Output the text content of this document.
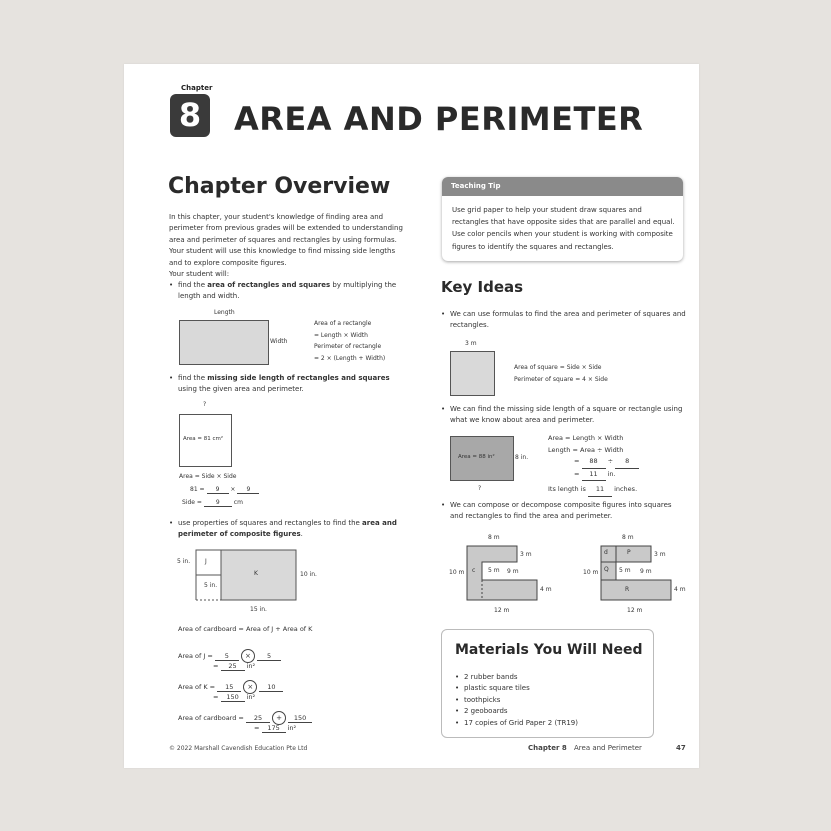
Chapter
8 AREA AND PERIMETER
Chapter Overview
In this chapter, your student's knowledge of finding area and perimeter from previous grades will be extended to understanding area and perimeter of squares and rectangles by using formulas. Your student will use this knowledge to find missing side lengths and to explore composite figures.
Your student will:
• find the area of rectangles and squares by multiplying the length and width.
Length
Width
Area of a rectangle
= Length × Width
Perimeter of rectangle
= 2 × (Length + Width)
• find the missing side length of rectangles and squares using the given area and perimeter.
?
Area = 81 cm²
Area = Side × Side
81 = 9 × 9
Side = 9 cm
• use properties of squares and rectangles to find the area and perimeter of composite figures.
5 in. J
K
5 in.
10 in.
15 in.
Area of cardboard = Area of J + Area of K
Area of J = 5 × 5
= 25 in²
Area of K = 15 × 10
= 150 in²
Area of cardboard = 25 + 150
= 175 in²
Teaching Tip
Use grid paper to help your student draw squares and rectangles that have opposite sides that are parallel and equal. Use color pencils when your student is working with composite figures to identify the squares and rectangles.
Key Ideas
• We can use formulas to find the area and perimeter of squares and rectangles.
3 m
Area of square = Side × Side
Perimeter of square = 4 × Side
• We can find the missing side length of a square or rectangle using what we know about area and perimeter.
Area = 88 in²	8 in.
?
Area = Length × Width
Length = Area ÷ Width
= 88 ÷ 8
= 11 in.
Its length is 11 inches.
• We can compose or decompose composite figures into squares and rectangles to find the area and perimeter.
8 m
3 m
10 m c 5 m 9 m
4 m
12 m
8 m
3 m
10 m
d	P
Q 5 m 9 m
R	4 m
12 m
Materials You Will Need
• 2 rubber bands
• plastic square tiles
• toothpicks
• 2 geoboards
• 17 copies of Grid Paper 2 (TR19)
© 2022 Marshall Cavendish Education Pte Ltd	Chapter 8 Area and Perimeter	47
